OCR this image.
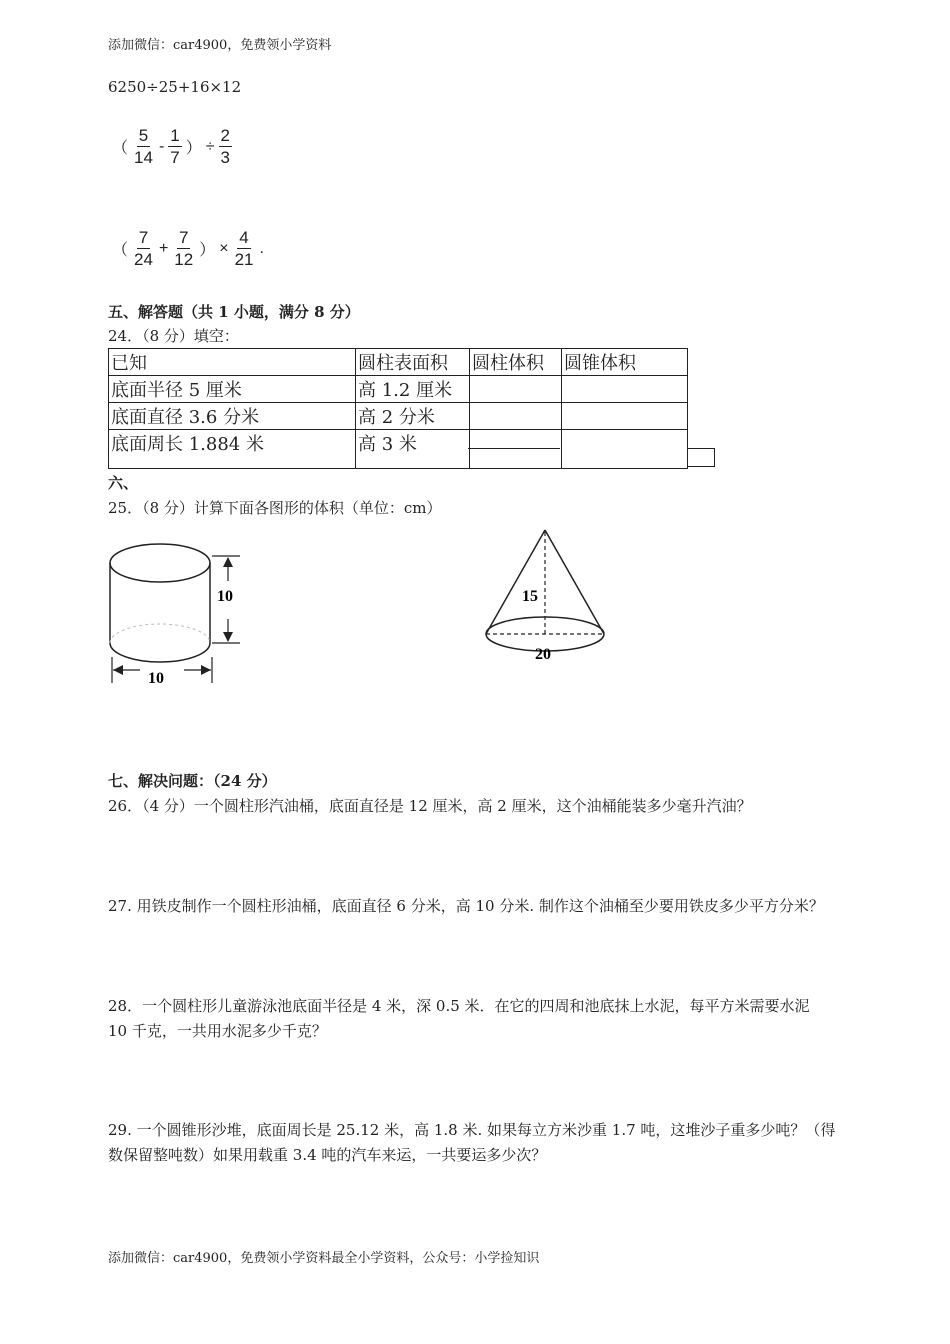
添加微信：car4900，免费领小学资料
6250÷25+16×12
（ $\frac{5}{14} - \frac{1}{7}$ ） ÷ $\frac{2}{3}$
（ $\frac{7}{24} + \frac{7}{12}$ ） × $\frac{4}{21}$ .
五、解答题（共 1 小题，满分 8 分）
24．（8 分）填空：
已知	圆柱表面积	圆柱体积	圆锥体积
底面半径 5 厘米	高 1.2 厘米		
底面直径 3.6 分米	高 2 分米		
底面周长 1.884 米	高 3 米		
六、
25．（8 分）计算下面各图形的体积（单位：cm）
10
10
15
20
七、解决问题：（24 分）
26．（4 分）一个圆柱形汽油桶，底面直径是 12 厘米，高 2 厘米，这个油桶能装多少毫升汽油？
27. 用铁皮制作一个圆柱形油桶，底面直径 6 分米，高 10 分米. 制作这个油桶至少要用铁皮多少平方分米？
28．一个圆柱形儿童游泳池底面半径是 4 米，深 0.5 米．在它的四周和池底抹上水泥，每平方米需要水泥
10 千克，一共用水泥多少千克？
29. 一个圆锥形沙堆，底面周长是 25.12 米，高 1.8 米. 如果每立方米沙重 1.7 吨，这堆沙子重多少吨？（得
数保留整吨数）如果用载重 3.4 吨的汽车来运，一共要运多少次？
添加微信：car4900，免费领小学资料最全小学资料，公众号：小学捡知识
